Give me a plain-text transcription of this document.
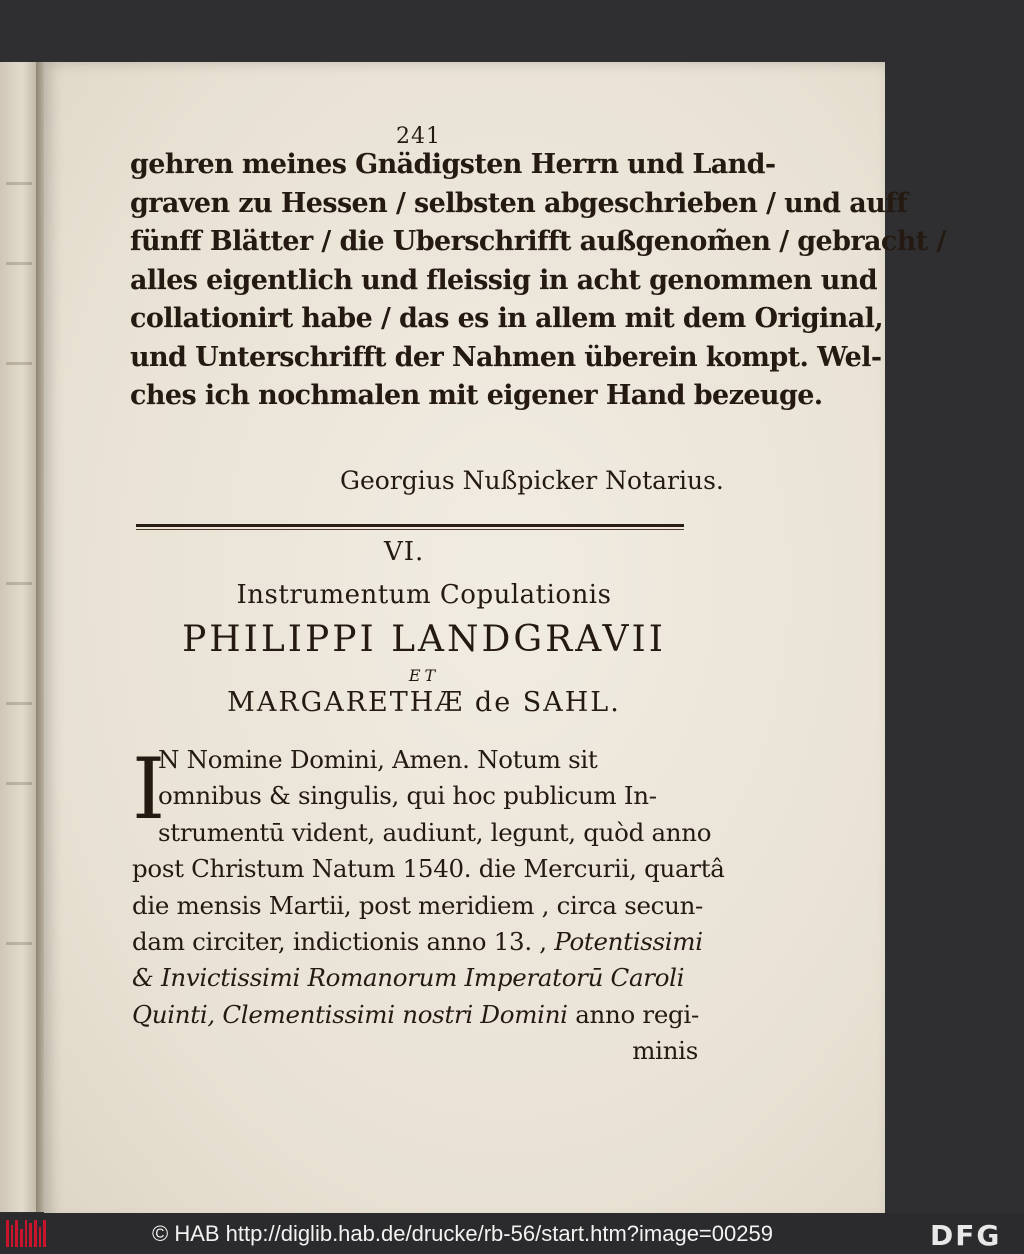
241
gehren meines Gnädigsten Herrn und Land-
graven zu Hessen / selbsten abgeschrieben / und auff
fünff Blätter / die Uberschrifft außgenom̃en / gebracht /
alles eigentlich und fleissig in acht genommen und
collationirt habe / das es in allem mit dem Original,
und Unterschrifft der Nahmen überein kompt. Wel-
ches ich nochmalen mit eigener Hand bezeuge.
Georgius Nußpicker Notarius.
VI.
Instrumentum Copulationis
PHILIPPI LANDGRAVII
ET
MARGARETHÆ de SAHL.
I
N Nomine Domini, Amen. Notum sit
omnibus & singulis, qui hoc publicum In-
strumentū vident, audiunt, legunt, quòd anno
post Christum Natum 1540. die Mercurii, quartâ
die mensis Martii, post meridiem , circa secun-
dam circiter, indictionis anno 13. , Potentissimi
& Invictissimi Romanorum Imperatorū Caroli
Quinti, Clementissimi nostri Domini anno regi-
minis
© HAB http://diglib.hab.de/drucke/rb-56/start.htm?image=00259	DFG
